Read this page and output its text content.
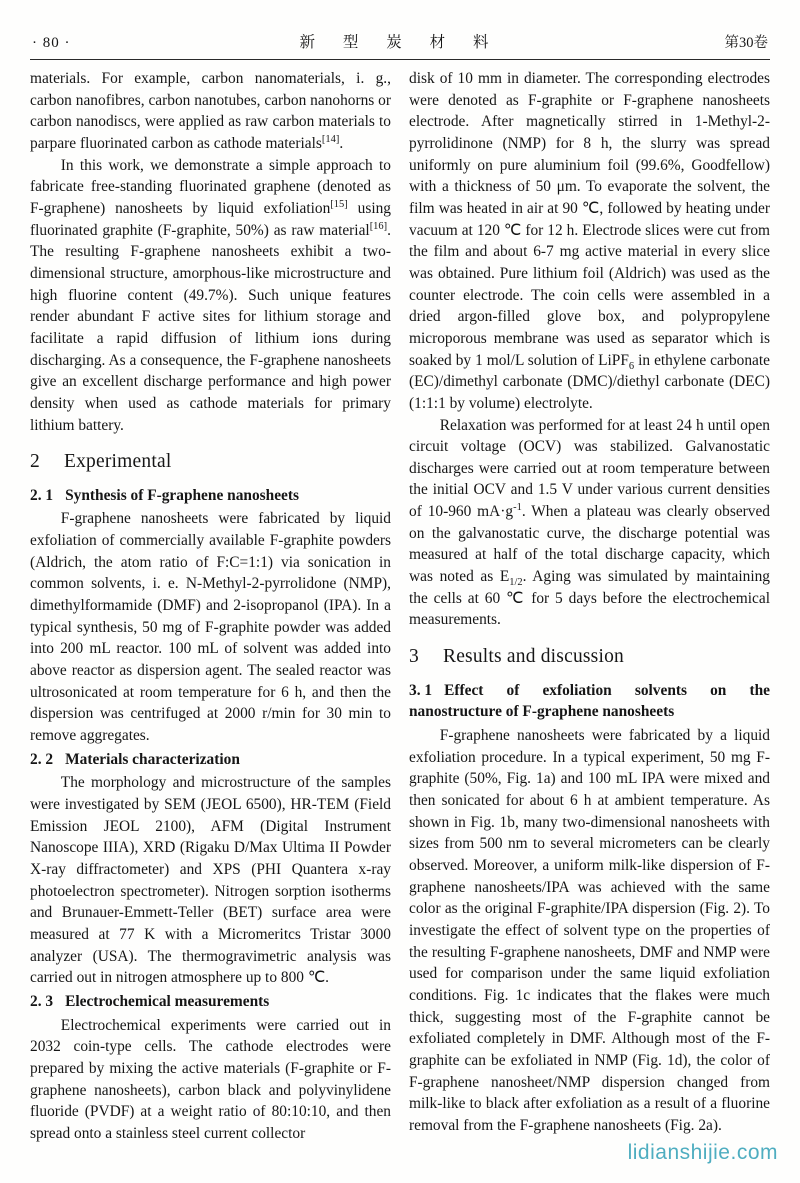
· 80 ·	新 型 炭 材 料	第30卷

materials. For example, carbon nanomaterials, i. g., carbon nanofibres, carbon nanotubes, carbon nanohorns or carbon nanodiscs, were applied as raw carbon materials to parpare fluorinated carbon as cathode materials[14].

In this work, we demonstrate a simple approach to fabricate free-standing fluorinated graphene (denoted as F-graphene) nanosheets by liquid exfoliation[15] using fluorinated graphite (F-graphite, 50%) as raw material[16]. The resulting F-graphene nanosheets exhibit a two-dimensional structure, amorphous-like microstructure and high fluorine content (49.7%). Such unique features render abundant F active sites for lithium storage and facilitate a rapid diffusion of lithium ions during discharging. As a consequence, the F-graphene nanosheets give an excellent discharge performance and high power density when used as cathode materials for primary lithium battery.

2 Experimental
2. 1 Synthesis of F-graphene nanosheets

F-graphene nanosheets were fabricated by liquid exfoliation of commercially available F-graphite powders (Aldrich, the atom ratio of F:C=1:1) via sonication in common solvents, i. e. N-Methyl-2-pyrrolidone (NMP), dimethylformamide (DMF) and 2-isopropanol (IPA). In a typical synthesis, 50 mg of F-graphite powder was added into 200 mL reactor. 100 mL of solvent was added into above reactor as dispersion agent. The sealed reactor was ultrosonicated at room temperature for 6 h, and then the dispersion was centrifuged at 2000 r/min for 30 min to remove aggregates.

2. 2 Materials characterization

The morphology and microstructure of the samples were investigated by SEM (JEOL 6500), HR-TEM (Field Emission JEOL 2100), AFM (Digital Instrument Nanoscope IIIA), XRD (Rigaku D/Max Ultima II Powder X-ray diffractometer) and XPS (PHI Quantera x-ray photoelectron spectrometer). Nitrogen sorption isotherms and Brunauer-Emmett-Teller (BET) surface area were measured at 77 K with a Micromeritcs Tristar 3000 analyzer (USA). The thermogravimetric analysis was carried out in nitrogen atmosphere up to 800 ℃.

2. 3 Electrochemical measurements

Electrochemical experiments were carried out in 2032 coin-type cells. The cathode electrodes were prepared by mixing the active materials (F-graphite or F-graphene nanosheets), carbon black and polyvinylidene fluoride (PVDF) at a weight ratio of 80:10:10, and then spread onto a stainless steel current collector

disk of 10 mm in diameter. The corresponding electrodes were denoted as F-graphite or F-graphene nanosheets electrode. After magnetically stirred in 1-Methyl-2-pyrrolidinone (NMP) for 8 h, the slurry was spread uniformly on pure aluminium foil (99.6%, Goodfellow) with a thickness of 50 μm. To evaporate the solvent, the film was heated in air at 90 ℃, followed by heating under vacuum at 120 ℃ for 12 h. Electrode slices were cut from the film and about 6-7 mg active material in every slice was obtained. Pure lithium foil (Aldrich) was used as the counter electrode. The coin cells were assembled in a dried argon-filled glove box, and polypropylene microporous membrane was used as separator which is soaked by 1 mol/L solution of LiPF$_6$ in ethylene carbonate (EC)/dimethyl carbonate (DMC)/diethyl carbonate (DEC) (1:1:1 by volume) electrolyte.

Relaxation was performed for at least 24 h until open circuit voltage (OCV) was stabilized. Galvanostatic discharges were carried out at room temperature between the initial OCV and 1.5 V under various current densities of 10-960 $mA\cdot g^{-1}$. When a plateau was clearly observed on the galvanostatic curve, the discharge potential was measured at half of the total discharge capacity, which was noted as $E_{1/2}$. Aging was simulated by maintaining the cells at 60 ℃ for 5 days before the electrochemical measurements.

3 Results and discussion
3. 1 Effect of exfoliation solvents on the nanostructure of F-graphene nanosheets

F-graphene nanosheets were fabricated by a liquid exfoliation procedure. In a typical experiment, 50 mg F-graphite (50%, Fig. 1a) and 100 mL IPA were mixed and then sonicated for about 6 h at ambient temperature. As shown in Fig. 1b, many two-dimensional nanosheets with sizes from 500 nm to several micrometers can be clearly observed. Moreover, a uniform milk-like dispersion of F-graphene nanosheets/IPA was achieved with the same color as the original F-graphite/IPA dispersion (Fig. 2). To investigate the effect of solvent type on the properties of the resulting F-graphene nanosheets, DMF and NMP were used for comparison under the same liquid exfoliation conditions. Fig. 1c indicates that the flakes were much thick, suggesting most of the F-graphite cannot be exfoliated completely in DMF. Although most of the F-graphite can be exfoliated in NMP (Fig. 1d), the color of F-graphene nanosheet/NMP dispersion changed from milk-like to black after exfoliation as a result of a fluorine removal from the F-graphene nanosheets (Fig. 2a).

lidianshijie.com
